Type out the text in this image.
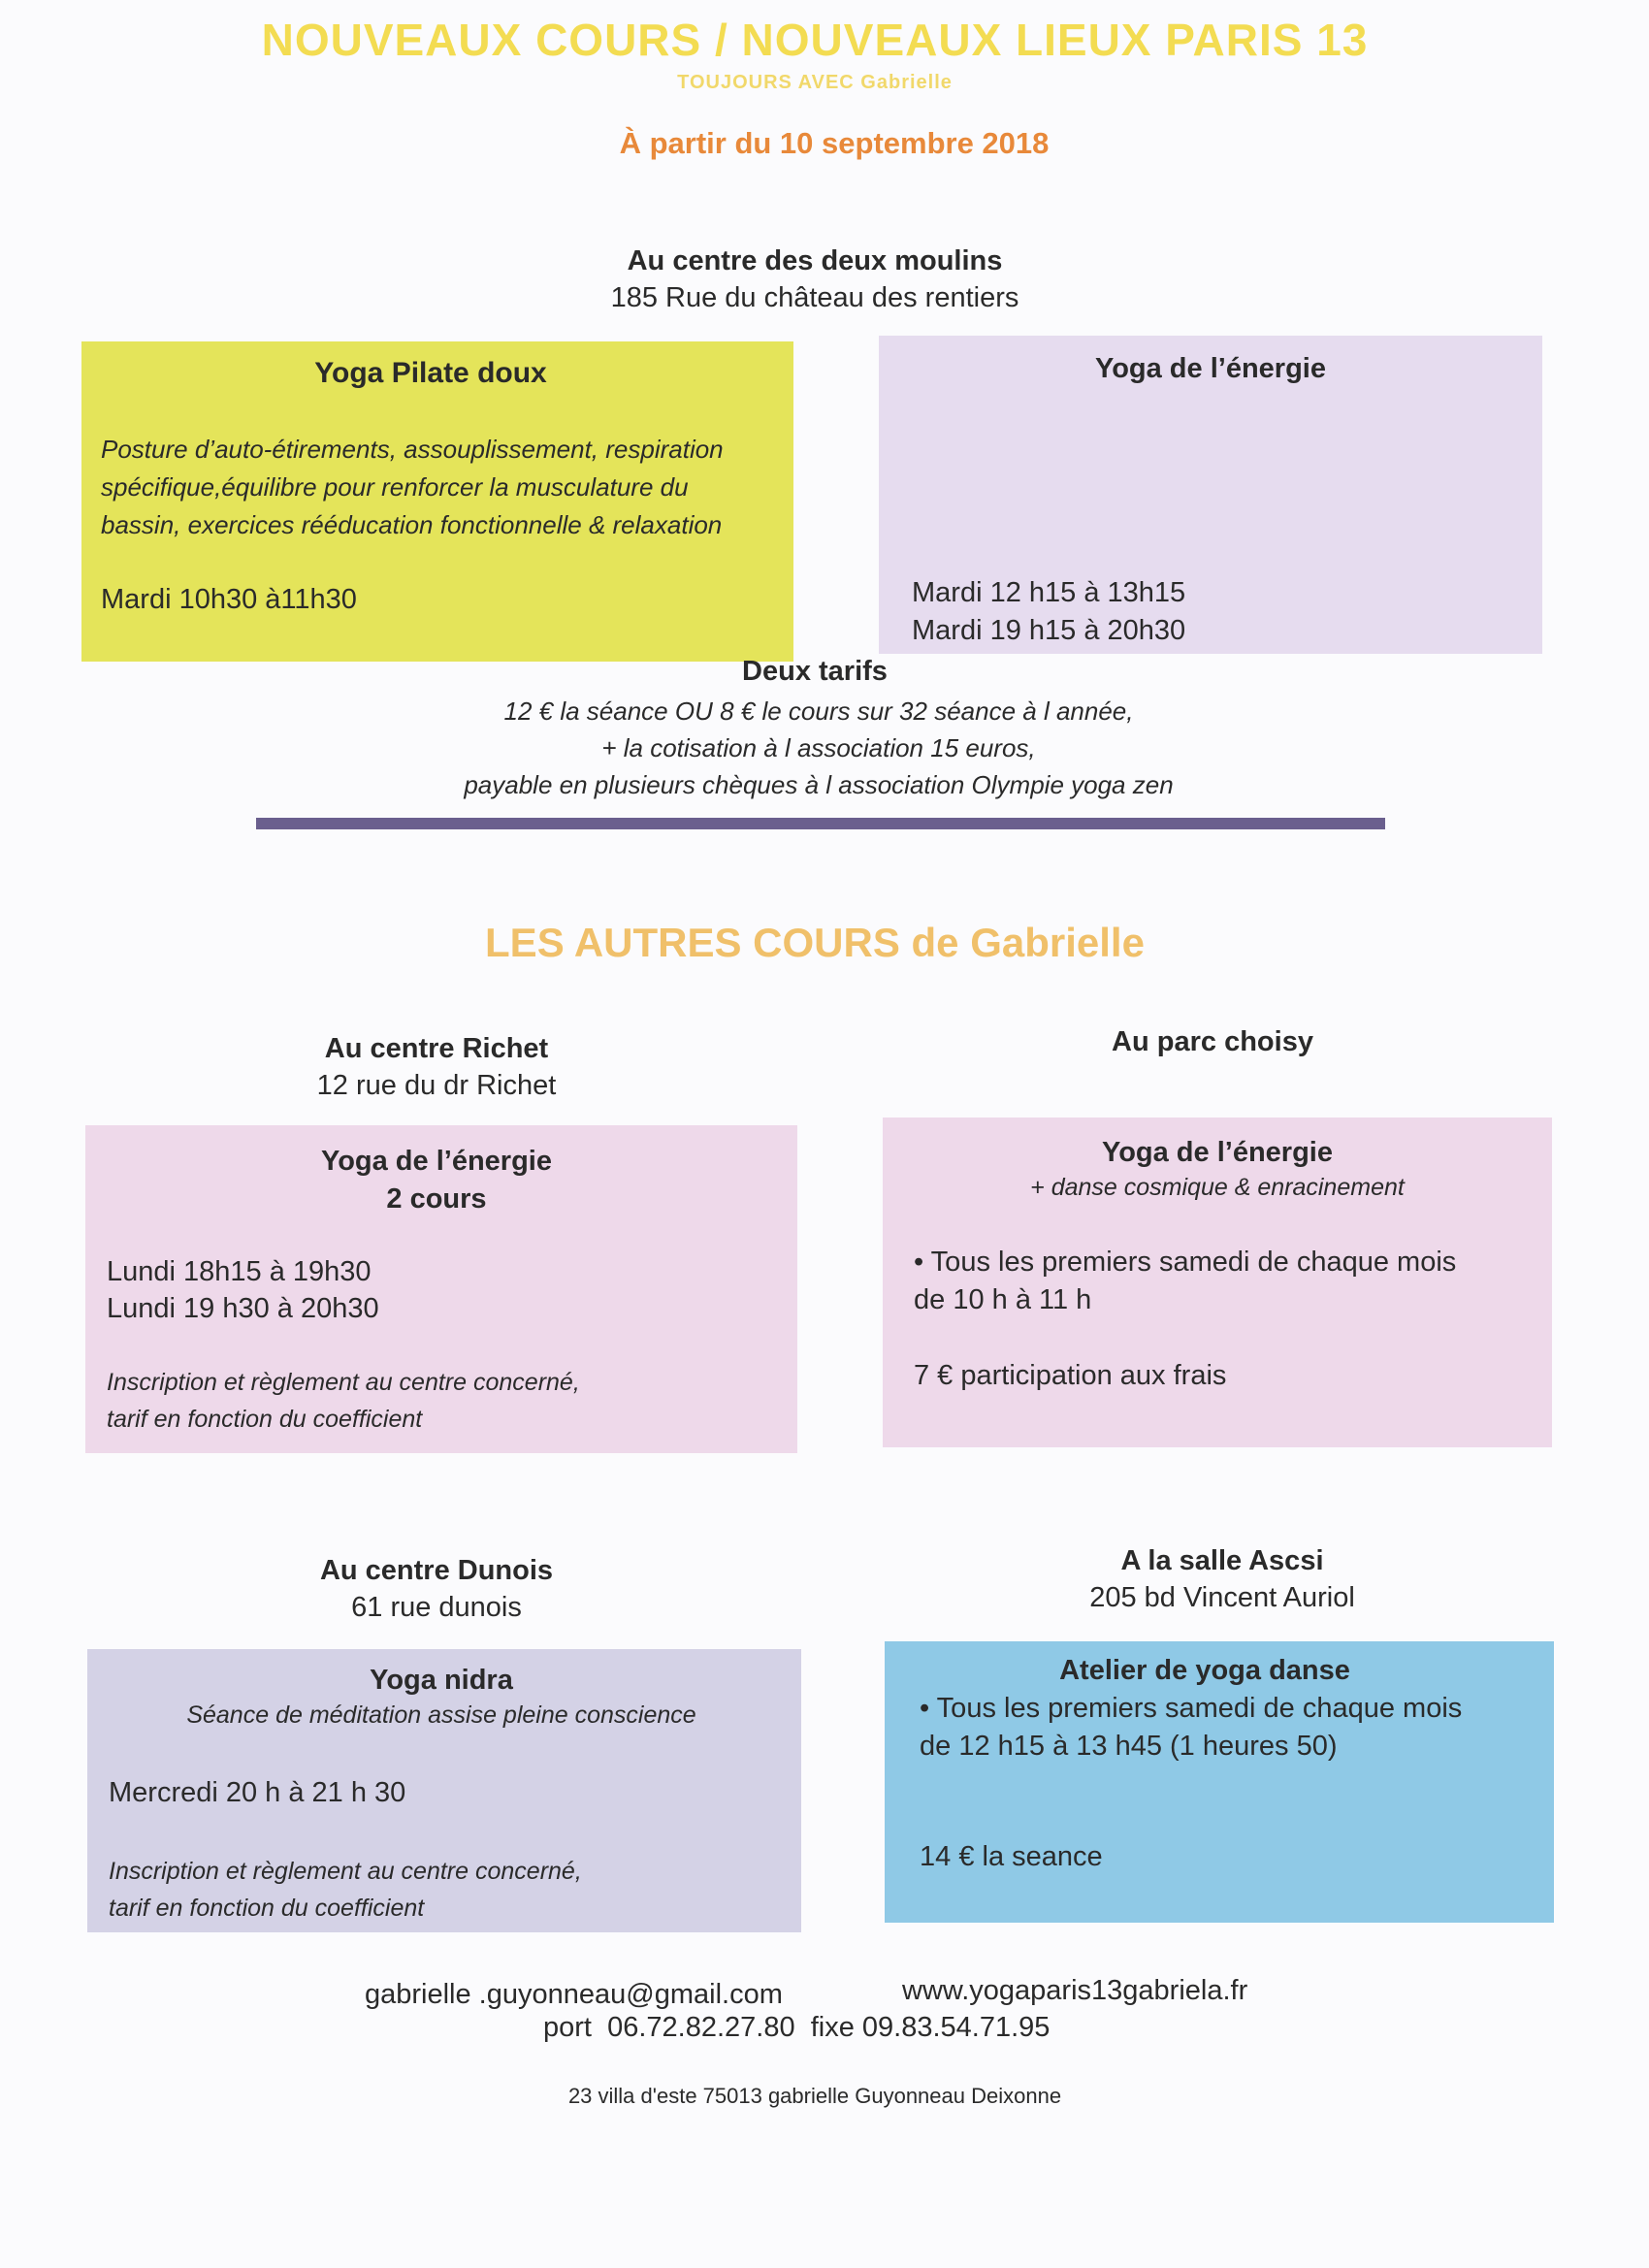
NOUVEAUX COURS / NOUVEAUX LIEUX PARIS 13
TOUJOURS AVEC Gabrielle
À partir du 10 septembre 2018
Au centre des deux moulins
185 Rue du château des rentiers
Yoga Pilate doux
Posture d’auto-étirements, assouplissement, respiration
spécifique,équilibre pour renforcer la musculature du
bassin, exercices rééducation fonctionnelle & relaxation
Mardi 10h30 à11h30
Yoga de l’énergie
Mardi 12 h15 à 13h15
Mardi 19 h15 à 20h30
Deux tarifs
12 € la séance OU 8 € le cours sur 32 séance à l année,
+ la cotisation à l association 15 euros,
payable en plusieurs chèques à l association Olympie yoga zen
LES AUTRES COURS de Gabrielle
Au centre Richet
12 rue du dr Richet
Au parc choisy
Yoga de l’énergie
2 cours
Lundi 18h15 à 19h30
Lundi 19 h30 à 20h30
Inscription et règlement au centre concerné,
tarif en fonction du coefficient
Yoga de l’énergie
+ danse cosmique & enracinement
• Tous les premiers samedi de chaque mois
de 10 h à 11 h
7 € participation aux frais
Au centre Dunois
61 rue dunois
A la salle Ascsi
205 bd Vincent Auriol
Yoga nidra
Séance de méditation assise pleine conscience
Mercredi 20 h à 21 h 30
Inscription et règlement au centre concerné,
tarif en fonction du coefficient
Atelier de yoga danse
• Tous les premiers samedi de chaque mois
de 12 h15 à 13 h45 (1 heures 50)
14 € la seance
gabrielle .guyonneau@gmail.com	www.yogaparis13gabriela.fr
port  06.72.82.27.80  fixe 09.83.54.71.95
23 villa d'este 75013 gabrielle Guyonneau Deixonne
